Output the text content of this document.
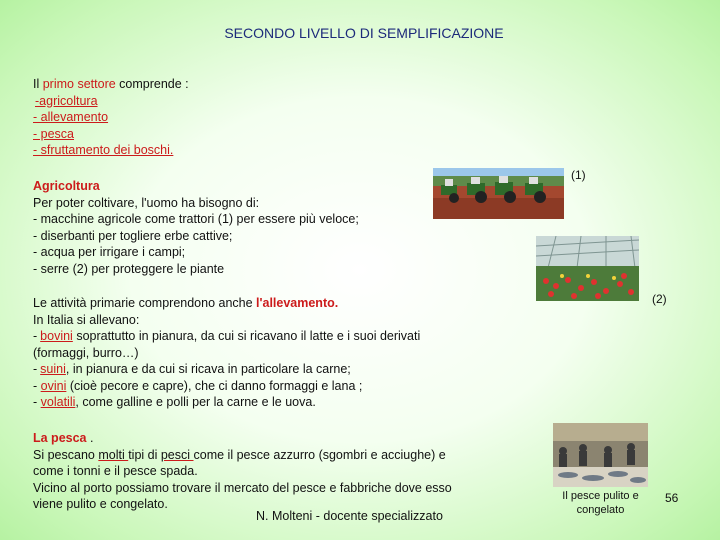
SECONDO LIVELLO DI SEMPLIFICAZIONE
Il primo settore comprende :
-agricoltura
- allevamento
- pesca
- sfruttamento dei boschi.
Agricoltura
Per poter coltivare, l'uomo ha bisogno di:
- macchine agricole come trattori (1) per essere più veloce;
- diserbanti per togliere erbe cattive;
- acqua per irrigare i campi;
- serre (2) per proteggere le piante
Le attività primarie comprendono anche l'allevamento.
In Italia si allevano:
- bovini soprattutto in pianura, da cui si ricavano il latte e i suoi derivati
(formaggi, burro…)
- suini, in pianura e da cui si ricava in particolare la carne;
- ovini (cioè pecore e capre), che ci danno formaggi e lana ;
- volatili, come galline e polli per la carne e le uova.
La pesca .
Si pescano molti tipi di pesci come il pesce azzurro (sgombri e acciughe) e
come i tonni e il pesce spada.
Vicino al porto possiamo trovare il mercato del pesce e fabbriche dove esso
viene pulito e congelato.
N. Molteni - docente specializzato
(1)
(2)
Il pesce pulito e congelato
56
